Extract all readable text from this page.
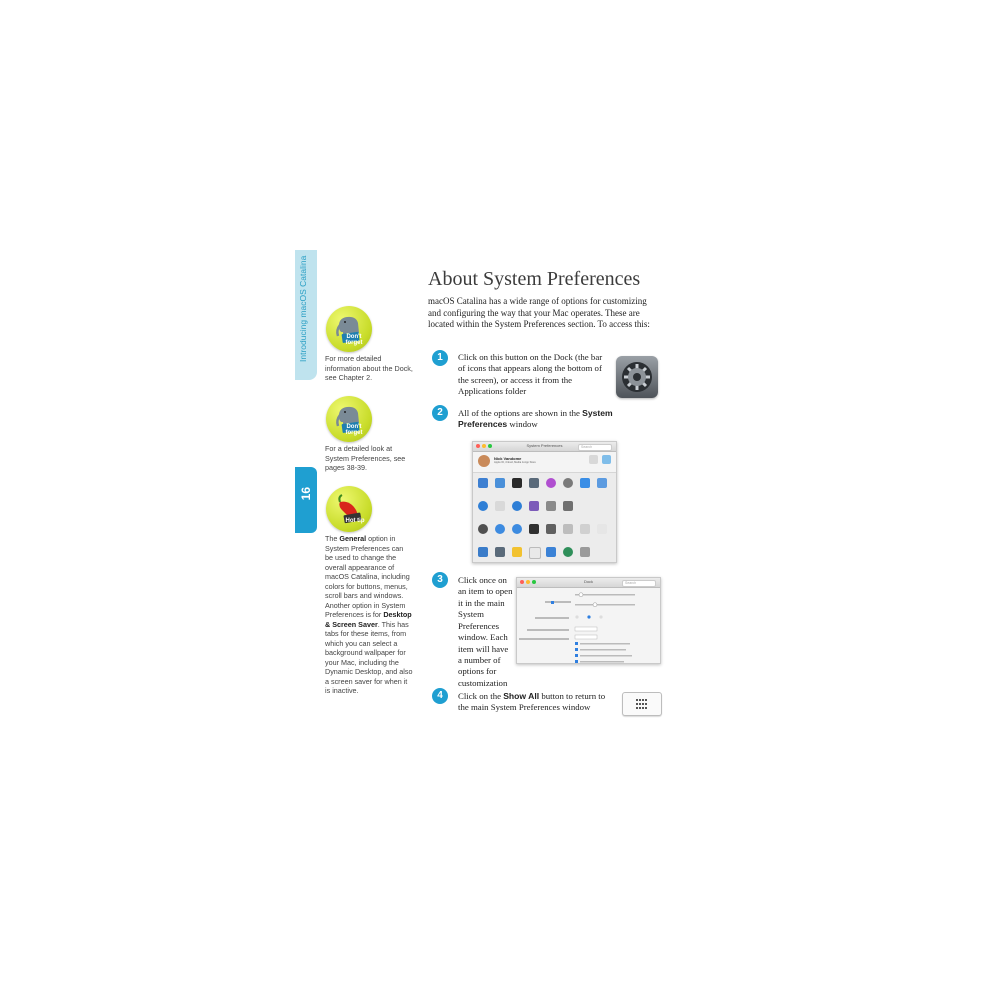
Introducing macOS Catalina
16
Don't
forget
For more detailed information about the Dock, see Chapter 2.
Don't
forget
For a detailed look at System Preferences, see pages 38-39.
Hot tip
The General option in System Preferences can be used to change the overall appearance of macOS Catalina, including colors for buttons, menus, scroll bars and windows. Another option in System Preferences is for Desktop & Screen Saver. This has tabs for these items, from which you can select a background wallpaper for your Mac, including the Dynamic Desktop, and also a screen saver for when it is inactive.
About System Preferences
macOS Catalina has a wide range of options for customizing and configuring the way that your Mac operates. These are located within the System Preferences section. To access this:
1	Click on this button on the Dock (the bar of icons that appears along the bottom of the screen), or access it from the Applications folder
2	All of the options are shown in the System Preferences window
System Preferences	Search
Nick Vandome
Apple ID, iCloud, Media & App Store
3	Click once on an item to open it in the main System Preferences window. Each item will have a number of options for customization
Dock	Search
4	Click on the Show All button to return to the main System Preferences window
